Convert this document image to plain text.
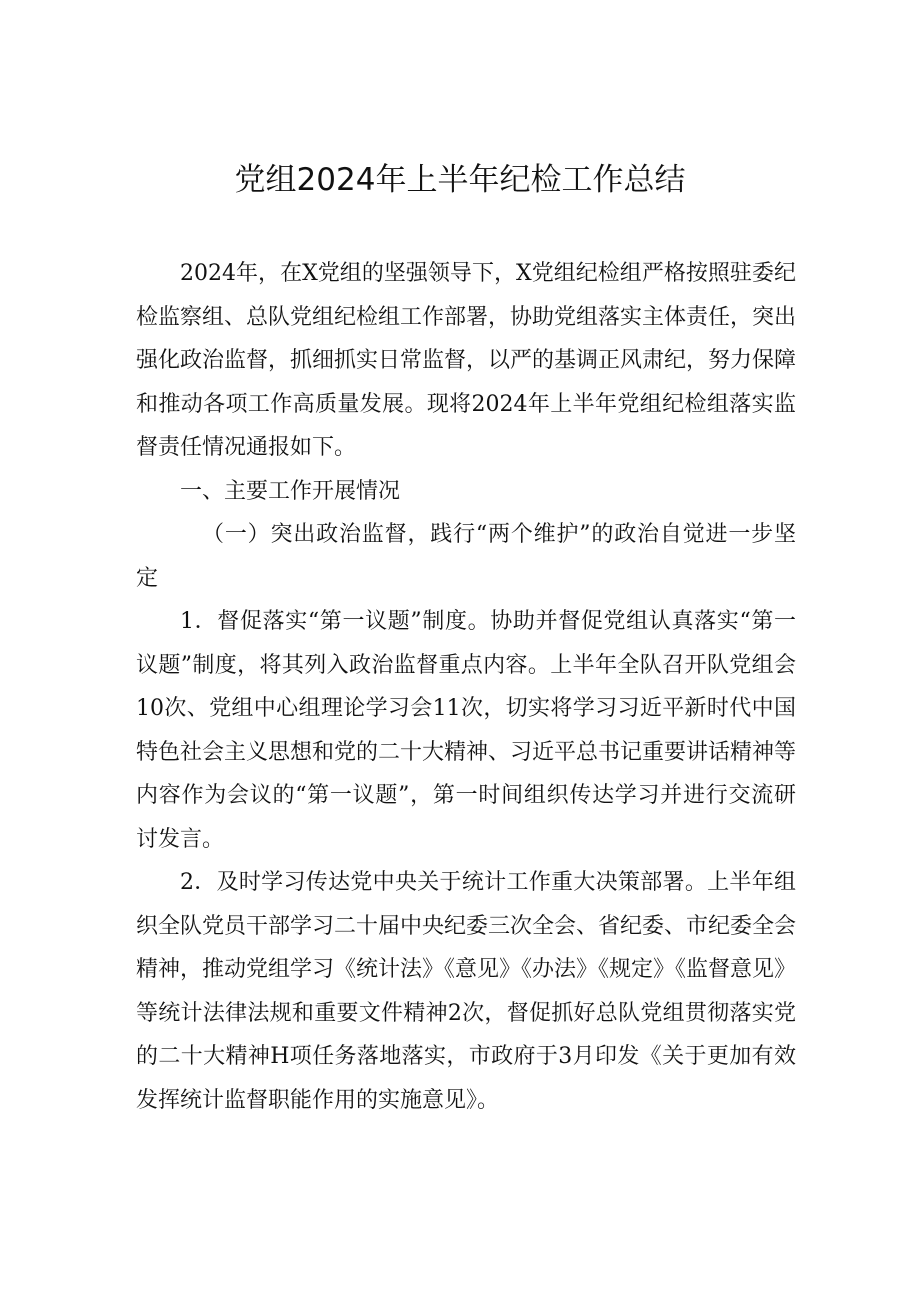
党组2024年上半年纪检工作总结

2024年，在X党组的坚强领导下，X党组纪检组严格按照驻委纪检监察组、总队党组纪检组工作部署，协助党组落实主体责任，突出强化政治监督，抓细抓实日常监督，以严的基调正风肃纪，努力保障和推动各项工作高质量发展。现将2024年上半年党组纪检组落实监督责任情况通报如下。

一、主要工作开展情况

（一）突出政治监督，践行“两个维护”的政治自觉进一步坚定

1．督促落实“第一议题”制度。协助并督促党组认真落实“第一议题”制度，将其列入政治监督重点内容。上半年全队召开队党组会10次、党组中心组理论学习会11次，切实将学习习近平新时代中国特色社会主义思想和党的二十大精神、习近平总书记重要讲话精神等内容作为会议的“第一议题”，第一时间组织传达学习并进行交流研讨发言。

2．及时学习传达党中央关于统计工作重大决策部署。上半年组织全队党员干部学习二十届中央纪委三次全会、省纪委、市纪委全会精神，推动党组学习《统计法》《意见》《办法》《规定》《监督意见》等统计法律法规和重要文件精神2次，督促抓好总队党组贯彻落实党的二十大精神H项任务落地落实，市政府于3月印发《关于更加有效发挥统计监督职能作用的实施意见》。
